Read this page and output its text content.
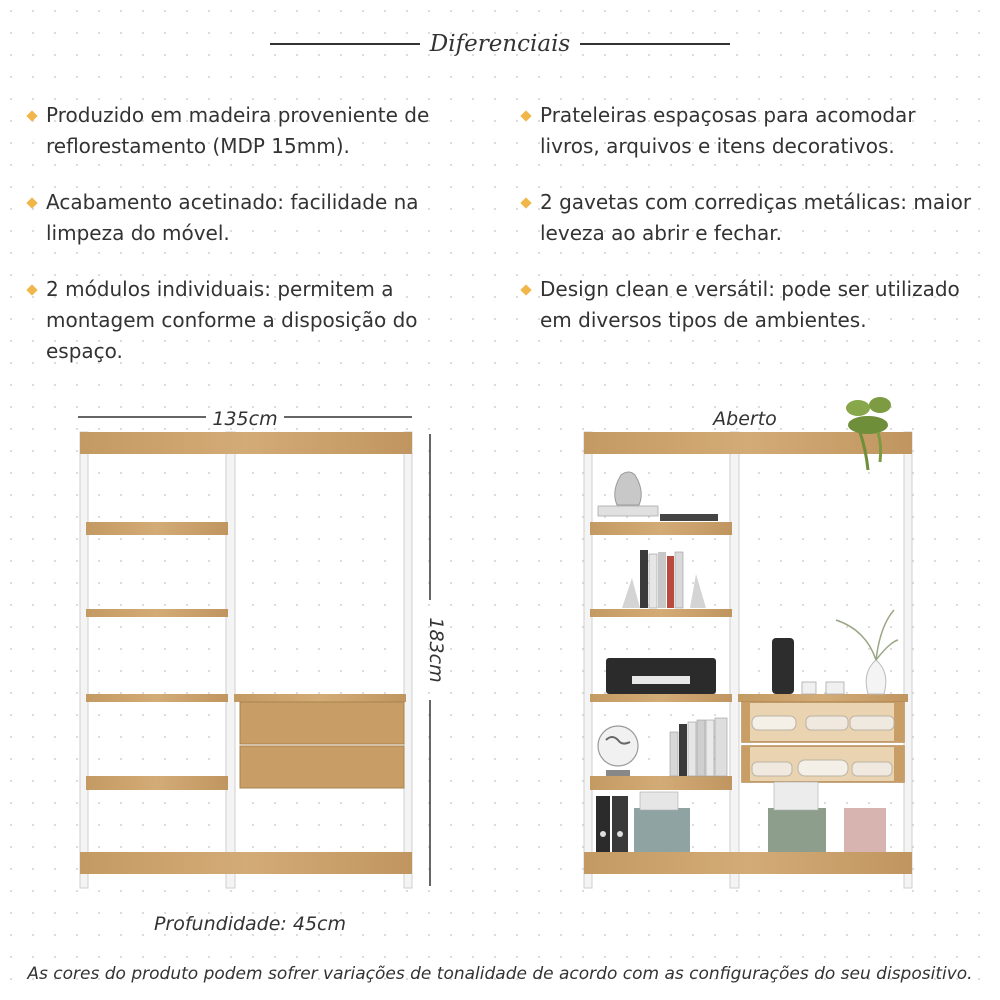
Diferenciais
Produzido em madeira proveniente de reflorestamento (MDP 15mm).
Acabamento acetinado: facilidade na limpeza do móvel.
2 módulos individuais: permitem a montagem conforme a disposição do espaço.
Prateleiras espaçosas para acomodar livros, arquivos e itens decorativos.
2 gavetas com corrediças metálicas: maior leveza ao abrir e fechar.
Design clean e versátil: pode ser utilizado em diversos tipos de ambientes.
135cm
183cm
Profundidade: 45cm
Aberto
As cores do produto podem sofrer variações de tonalidade de acordo com as configurações do seu dispositivo.
